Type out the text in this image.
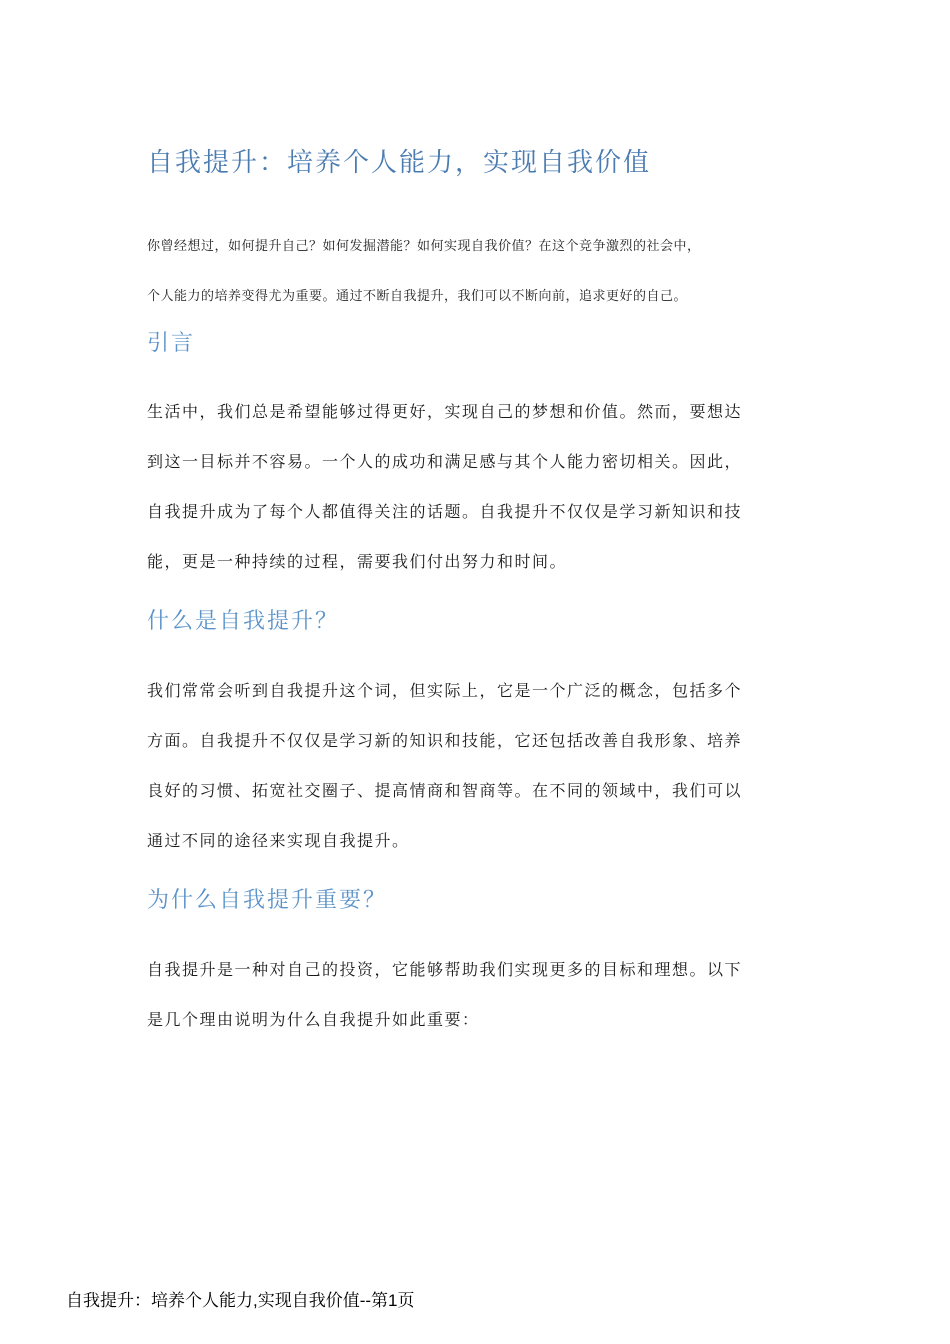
自我提升：培养个人能力，实现自我价值

你曾经想过，如何提升自己？如何发掘潜能？如何实现自我价值？在这个竞争激烈的社会中，
个人能力的培养变得尤为重要。通过不断自我提升，我们可以不断向前，追求更好的自己。

引言

生活中，我们总是希望能够过得更好，实现自己的梦想和价值。然而，要想达
到这一目标并不容易。一个人的成功和满足感与其个人能力密切相关。因此，
自我提升成为了每个人都值得关注的话题。自我提升不仅仅是学习新知识和技
能，更是一种持续的过程，需要我们付出努力和时间。

什么是自我提升？

我们常常会听到自我提升这个词，但实际上，它是一个广泛的概念，包括多个
方面。自我提升不仅仅是学习新的知识和技能，它还包括改善自我形象、培养
良好的习惯、拓宽社交圈子、提高情商和智商等。在不同的领域中，我们可以
通过不同的途径来实现自我提升。

为什么自我提升重要？

自我提升是一种对自己的投资，它能够帮助我们实现更多的目标和理想。以下
是几个理由说明为什么自我提升如此重要：

自我提升：培养个人能力,实现自我价值--第1页
